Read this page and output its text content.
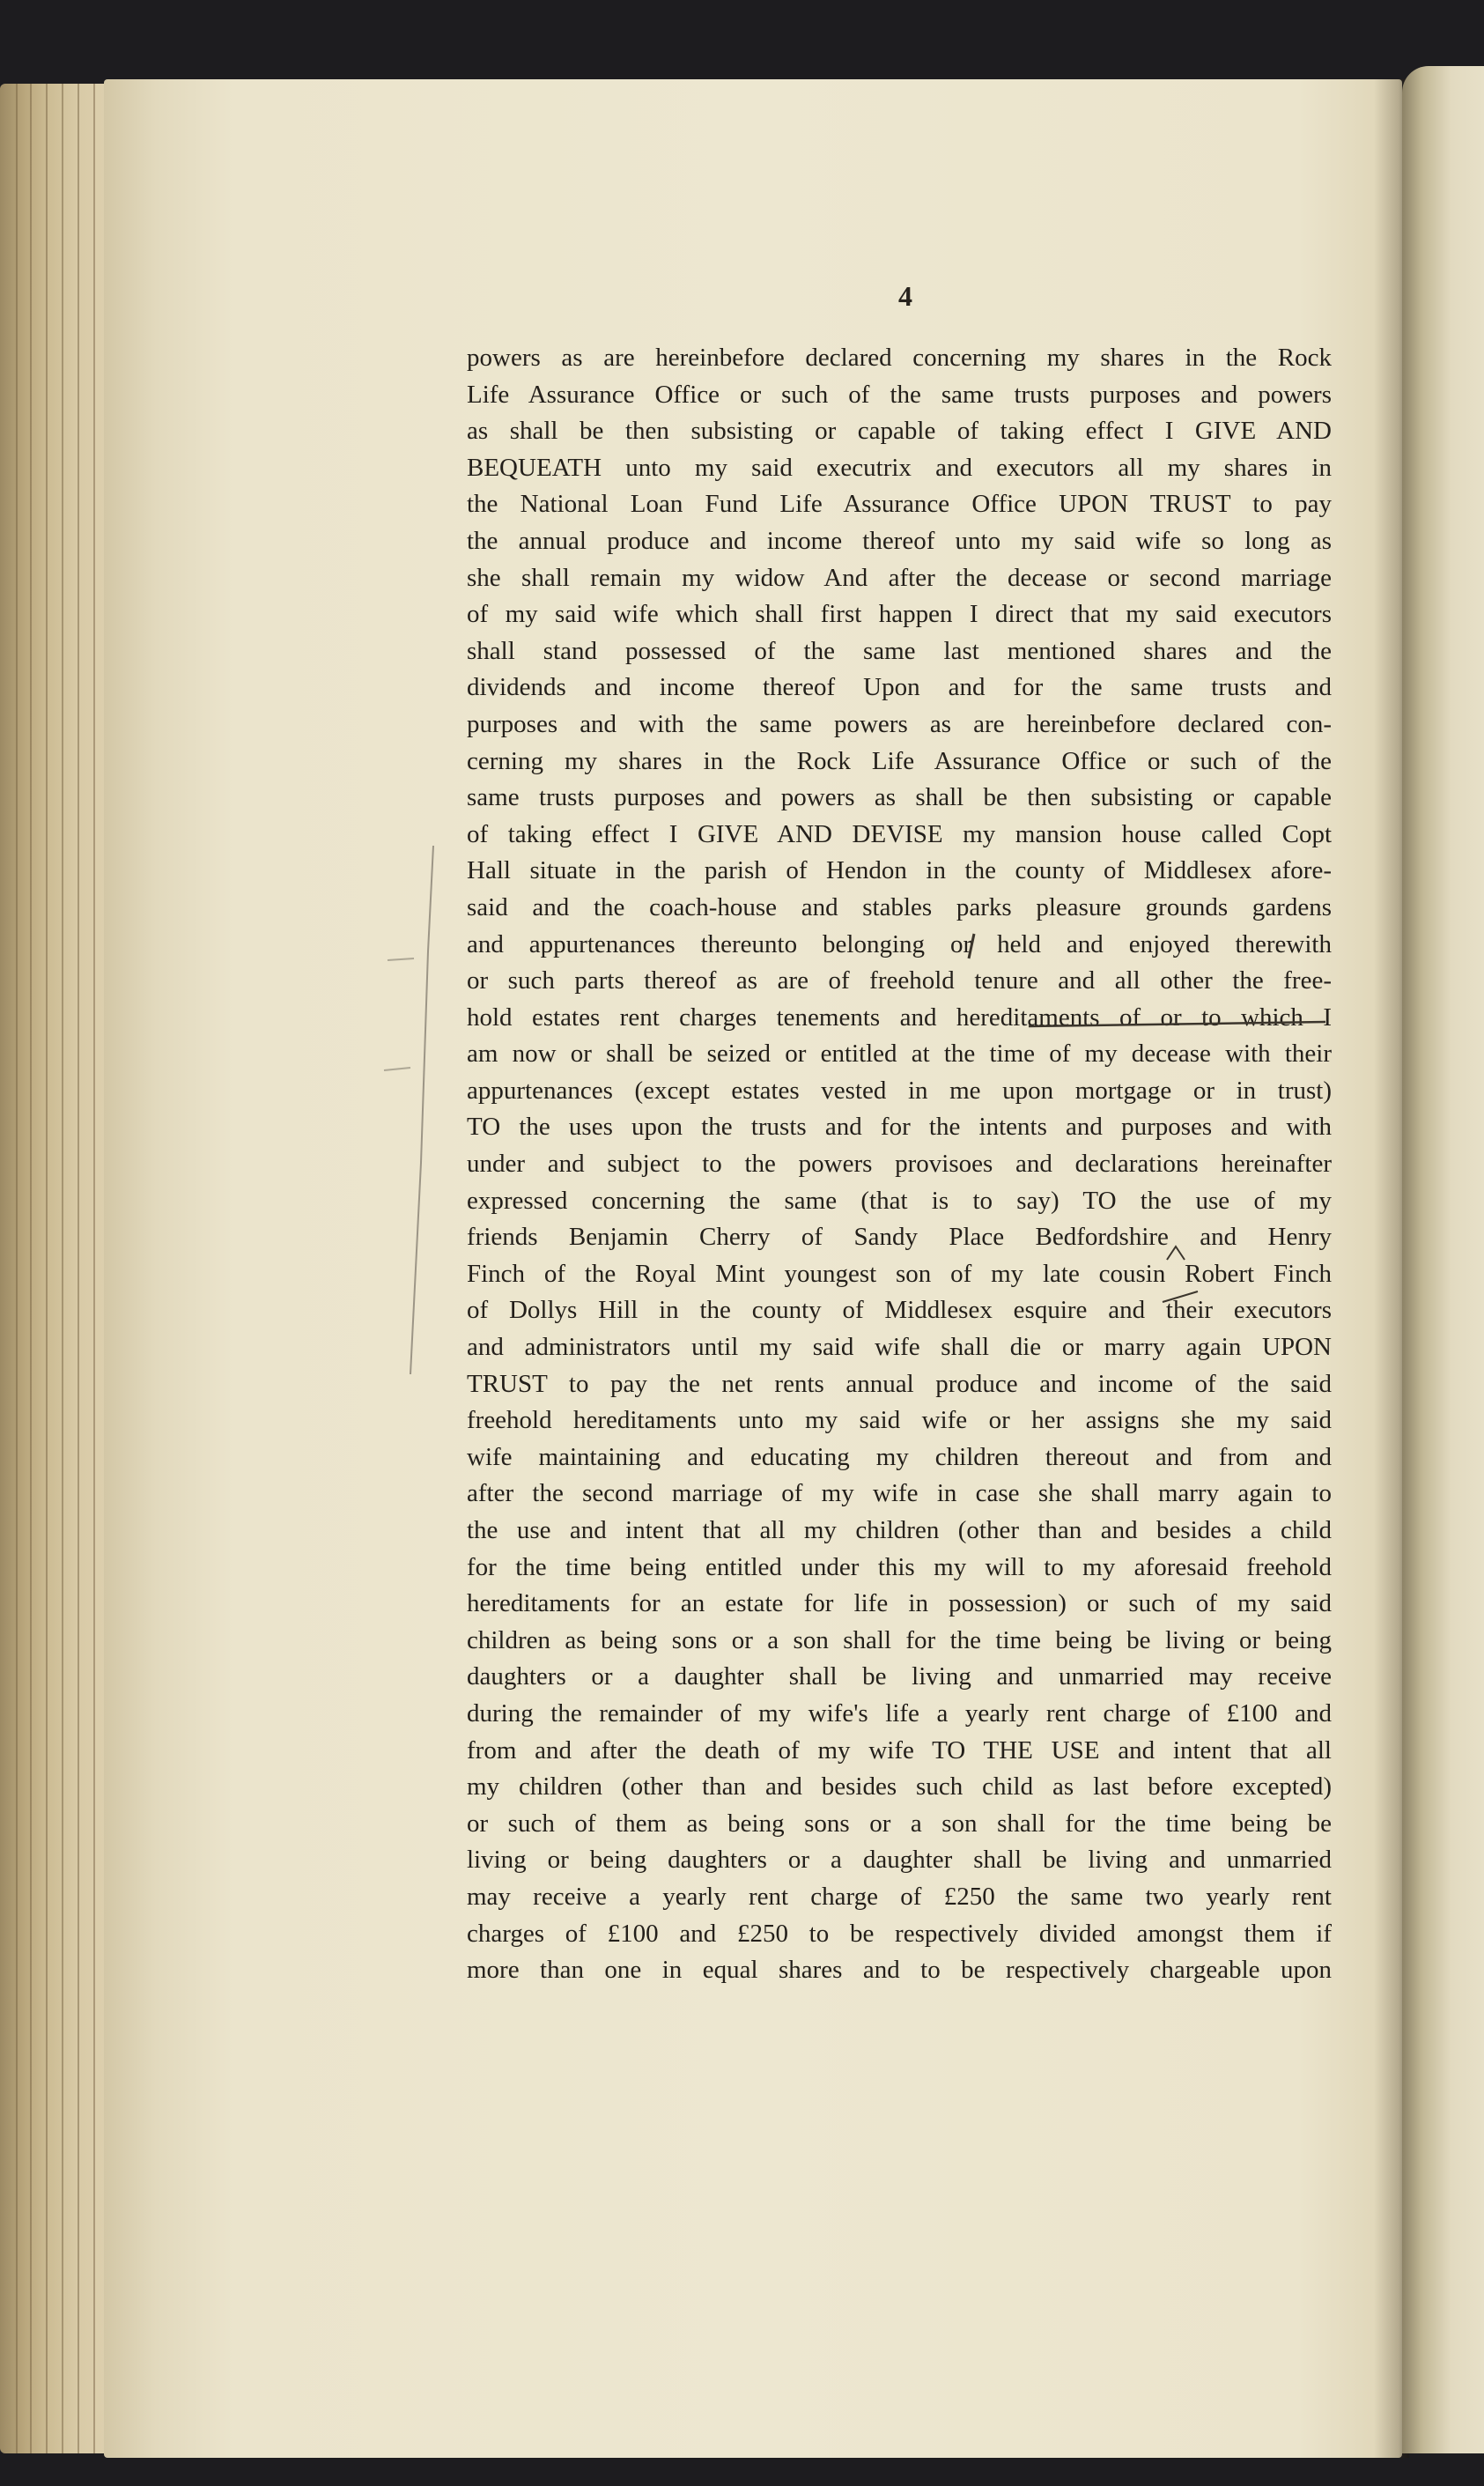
4
powers as are hereinbefore declared concerning my shares in the Rock
Life Assurance Office or such of the same trusts purposes and powers
as shall be then subsisting or capable of taking effect I GIVE AND
BEQUEATH unto my said executrix and executors all my shares in
the National Loan Fund Life Assurance Office UPON TRUST to pay
the annual produce and income thereof unto my said wife so long as
she shall remain my widow And after the decease or second marriage
of my said wife which shall first happen I direct that my said executors
shall stand possessed of the same last mentioned shares and the
dividends and income thereof Upon and for the same trusts and
purposes and with the same powers as are hereinbefore declared con-
cerning my shares in the Rock Life Assurance Office or such of the
same trusts purposes and powers as shall be then subsisting or capable
of taking effect I GIVE AND DEVISE my mansion house called Copt
Hall situate in the parish of Hendon in the county of Middlesex afore-
said and the coach-house and stables parks pleasure grounds gardens
and appurtenances thereunto belonging or held and enjoyed therewith
or such parts thereof as are of freehold tenure and all other the free-
hold estates rent charges tenements and hereditaments of or to which I
am now or shall be seized or entitled at the time of my decease with their
appurtenances (except estates vested in me upon mortgage or in trust)
TO the uses upon the trusts and for the intents and purposes and with
under and subject to the powers provisoes and declarations hereinafter
expressed concerning the same (that is to say) TO the use of my
friends Benjamin Cherry of Sandy Place Bedfordshire and Henry
Finch of the Royal Mint youngest son of my late cousin Robert Finch
of Dollys Hill in the county of Middlesex esquire and their executors
and administrators until my said wife shall die or marry again UPON
TRUST to pay the net rents annual produce and income of the said
freehold hereditaments unto my said wife or her assigns she my said
wife maintaining and educating my children thereout and from and
after the second marriage of my wife in case she shall marry again to
the use and intent that all my children (other than and besides a child
for the time being entitled under this my will to my aforesaid freehold
hereditaments for an estate for life in possession) or such of my said
children as being sons or a son shall for the time being be living or being
daughters or a daughter shall be living and unmarried may receive
during the remainder of my wife's life a yearly rent charge of £100 and
from and after the death of my wife TO THE USE and intent that all
my children (other than and besides such child as last before excepted)
or such of them as being sons or a son shall for the time being be
living or being daughters or a daughter shall be living and unmarried
may receive a yearly rent charge of £250 the same two yearly rent
charges of £100 and £250 to be respectively divided amongst them if
more than one in equal shares and to be respectively chargeable upon
